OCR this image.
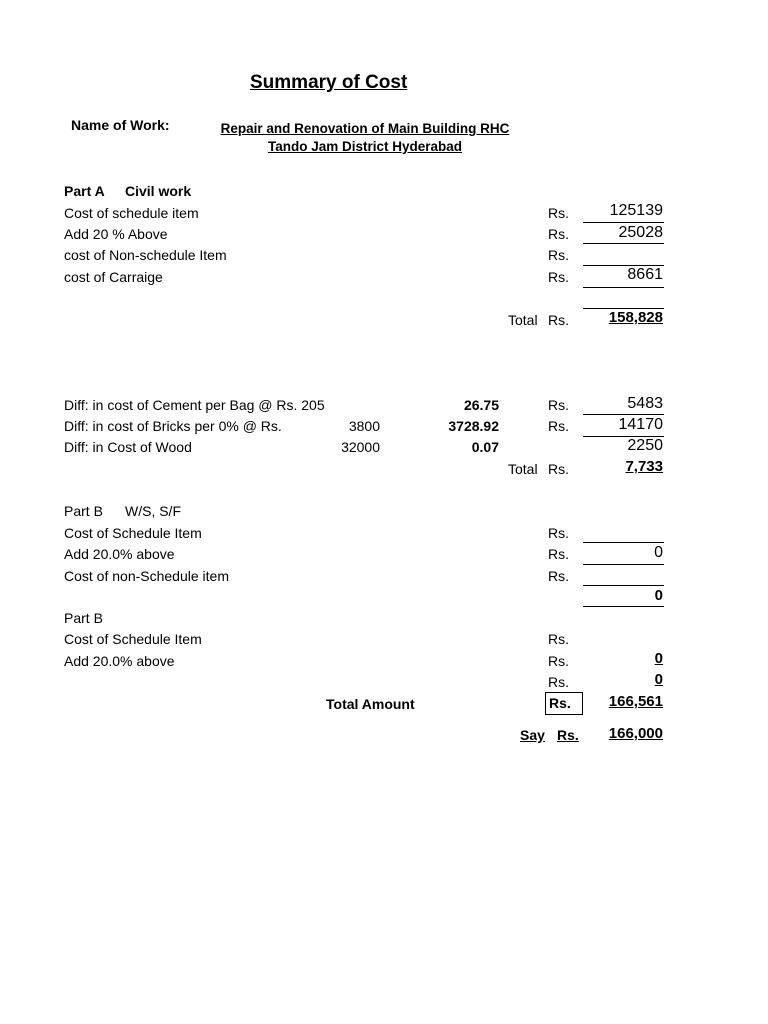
Summary of Cost
Name of Work:	Repair and Renovation of Main Building RHC
Tando Jam District Hyderabad
Part A Civil work
Cost of schedule item	Rs.	125139
Add 20 % Above	Rs.	25028
cost of Non-schedule Item	Rs.
cost of Carraige	Rs.	8661
Total Rs.	158,828
Diff: in cost of Cement per Bag @ Rs. 205	26.75	Rs.	5483
Diff: in cost of Bricks per 0% @ Rs.	3800	3728.92	Rs.	14170
Diff: in Cost of Wood	32000	0.07	2250
Total Rs.	7,733
Part B W/S, S/F
Cost of Schedule Item	Rs.
Add 20.0% above	Rs.	0
Cost of non-Schedule item	Rs.
0
Part B
Cost of Schedule Item	Rs.
Add 20.0% above	Rs.	0
Rs.	0
Total Amount	Rs.	166,561
Say Rs.	166,000
